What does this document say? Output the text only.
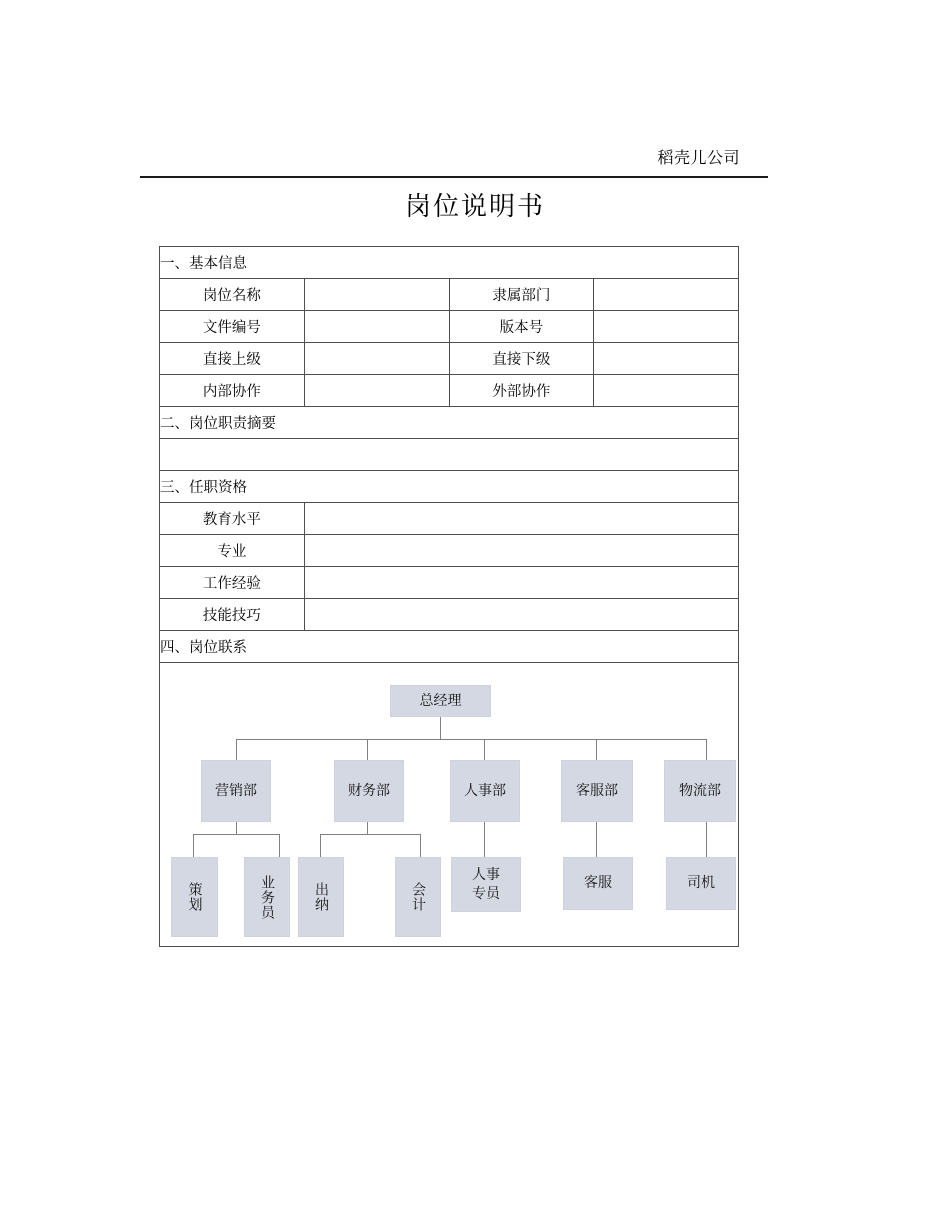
稻壳儿公司
岗位说明书
一、基本信息			
岗位名称		隶属部门	
文件编号		版本号	
直接上级		直接下级	
内部协作		外部协作	
二、岗位职责摘要			

三、任职资格			
教育水平			
专业			
工作经验			
技能技巧			
四、岗位联系			

总经理
营销部	财务部	人事部	客服部	物流部
策划	业务员	出纳	会计
人事专员
客服	司机
